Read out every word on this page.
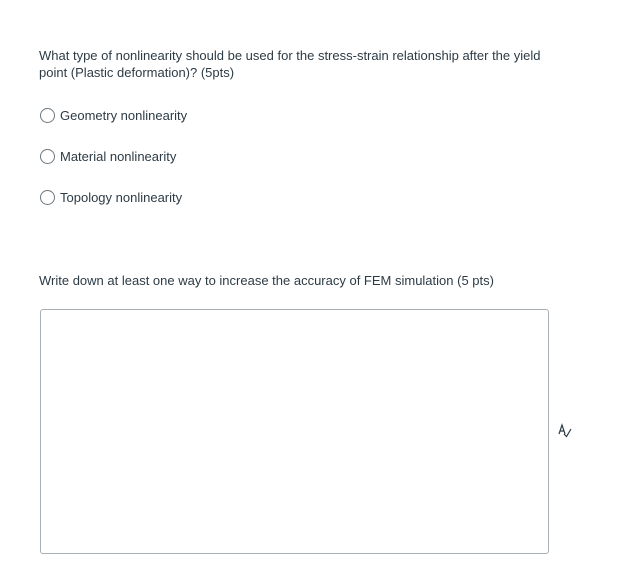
What type of nonlinearity should be used for the stress-strain relationship after the yield point (Plastic deformation)? (5pts)
Geometry nonlinearity
Material nonlinearity
Topology nonlinearity
Write down at least one way to increase the accuracy of FEM simulation (5 pts)
